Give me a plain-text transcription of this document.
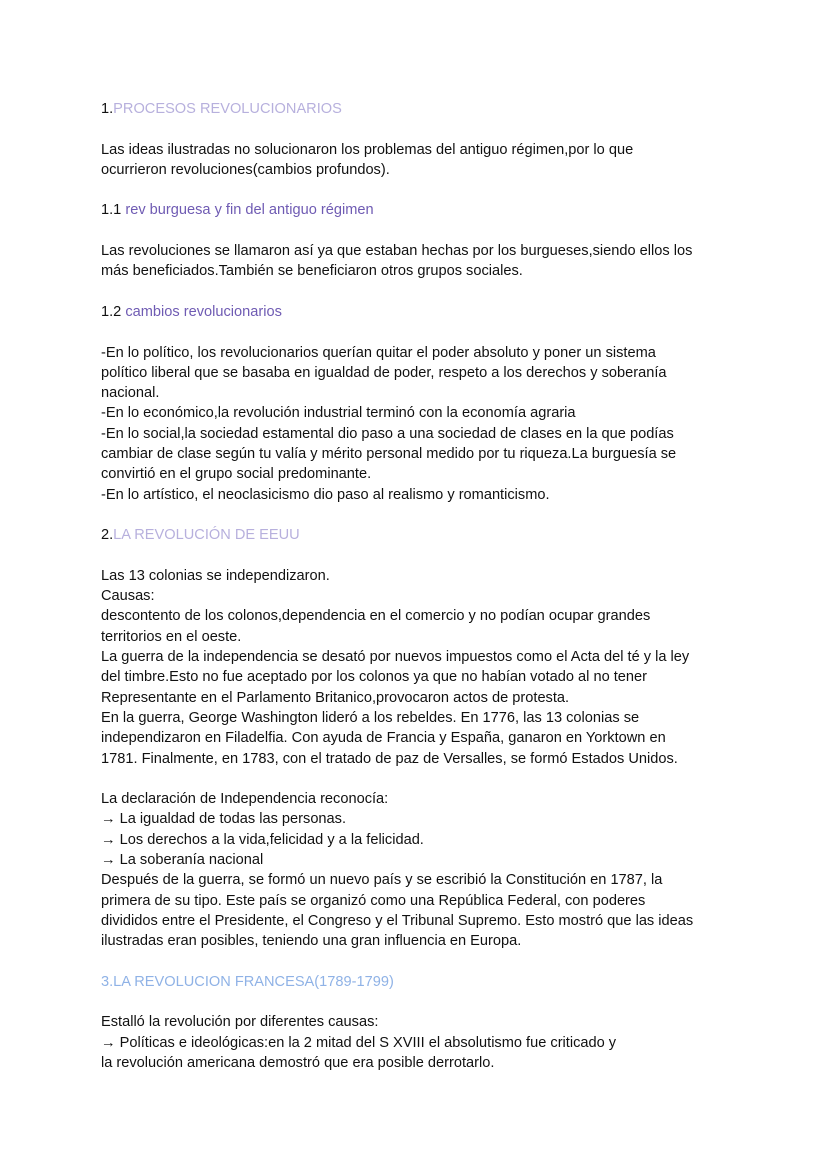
1.PROCESOS REVOLUCIONARIOS

Las ideas ilustradas no solucionaron los problemas del antiguo régimen,por lo que

ocurrieron revoluciones(cambios profundos).

1.1 rev burguesa y fin del antiguo régimen

Las revoluciones se llamaron así ya que estaban hechas por los burgueses,siendo ellos los

más beneficiados.También se beneficiaron otros grupos sociales.

1.2 cambios revolucionarios

-En lo político, los revolucionarios querían quitar el poder absoluto y poner un sistema

político liberal que se basaba en igualdad de poder, respeto a los derechos y soberanía

nacional.

-En lo económico,la revolución industrial terminó con la economía agraria

-En lo social,la sociedad estamental dio paso a una sociedad de clases en la que podías

cambiar de clase según tu valía y mérito personal medido por tu riqueza.La burguesía se

convirtió en el grupo social predominante.

-En lo artístico, el neoclasicismo dio paso al realismo y romanticismo.

2.LA REVOLUCIÓN DE EEUU

Las 13 colonias se independizaron.

Causas:

descontento de los colonos,dependencia en el comercio y no podían ocupar grandes

territorios en el oeste.

La guerra de la independencia se desató por nuevos impuestos como el Acta del té y la ley

del timbre.Esto no fue aceptado por los colonos ya que no habían votado al no tener

Representante en el Parlamento Britanico,provocaron actos de protesta.

En la guerra, George Washington lideró a los rebeldes. En 1776, las 13 colonias se

independizaron en Filadelfia. Con ayuda de Francia y España, ganaron en Yorktown en

1781. Finalmente, en 1783, con el tratado de paz de Versalles, se formó Estados Unidos.

La declaración de Independencia reconocía:

→ La igualdad de todas las personas.

→ Los derechos a la vida,felicidad y a la felicidad.

→ La soberanía nacional

Después de la guerra, se formó un nuevo país y se escribió la Constitución en 1787, la

primera de su tipo. Este país se organizó como una República Federal, con poderes

divididos entre el Presidente, el Congreso y el Tribunal Supremo. Esto mostró que las ideas

ilustradas eran posibles, teniendo una gran influencia en Europa.

3.LA REVOLUCION FRANCESA(1789-1799)

Estalló la revolución por diferentes causas:

→ Políticas e ideológicas:en la 2 mitad del S XVIII el absolutismo fue criticado y

la revolución americana demostró que era posible derrotarlo.
